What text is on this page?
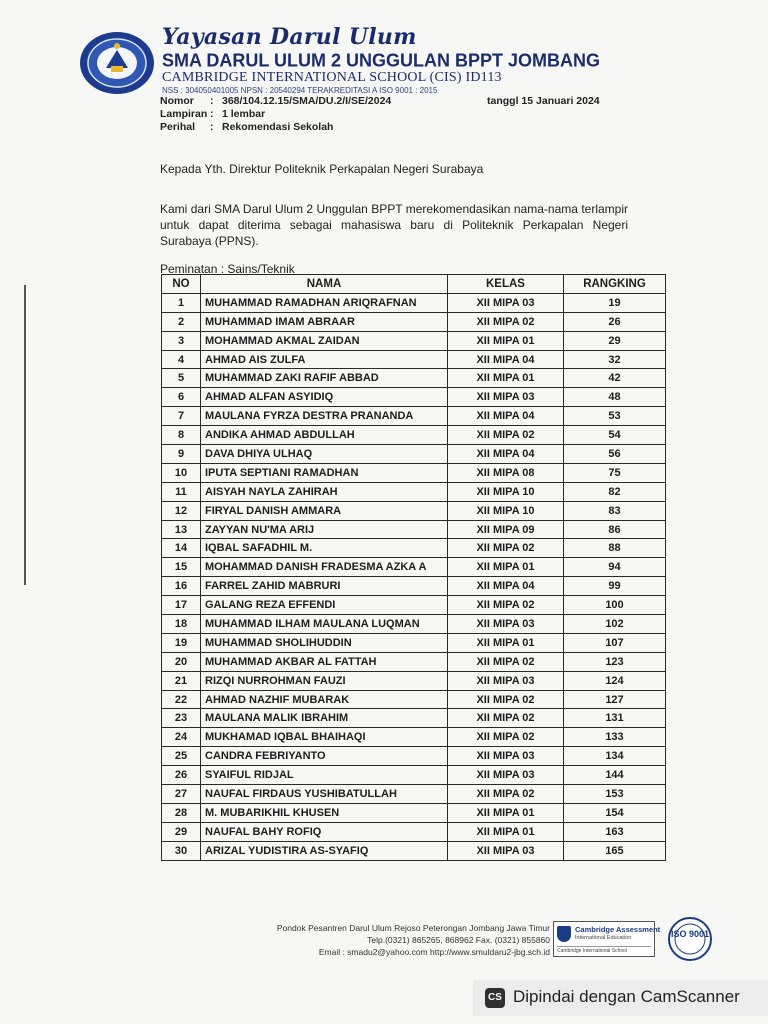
Yayasan Darul Ulum
SMA DARUL ULUM 2 UNGGULAN BPPT JOMBANG
CAMBRIDGE INTERNATIONAL SCHOOL (CIS) ID113
NSS : 304050401005 NPSN : 20540294 TERAKREDITASI A ISO 9001 : 2015
Nomor : 368/104.12.15/SMA/DU.2/I/SE/2024
Lampiran : 1 lembar
Perihal : Rekomendasi Sekolah
tanggl 15 Januari 2024
Kepada Yth. Direktur Politeknik Perkapalan Negeri Surabaya
Kami dari SMA Darul Ulum 2 Unggulan BPPT merekomendasikan nama-nama terlampir untuk dapat diterima sebagai mahasiswa baru di Politeknik Perkapalan Negeri Surabaya (PPNS).
Peminatan : Sains/Teknik
NO	NAMA	KELAS	RANGKING
1	MUHAMMAD RAMADHAN ARIQRAFNAN	XII MIPA 03	19
2	MUHAMMAD IMAM ABRAAR	XII MIPA 02	26
3	MOHAMMAD AKMAL ZAIDAN	XII MIPA 01	29
4	AHMAD AIS ZULFA	XII MIPA 04	32
5	MUHAMMAD ZAKI RAFIF ABBAD	XII MIPA 01	42
6	AHMAD ALFAN ASYIDIQ	XII MIPA 03	48
7	MAULANA FYRZA DESTRA PRANANDA	XII MIPA 04	53
8	ANDIKA AHMAD ABDULLAH	XII MIPA 02	54
9	DAVA DHIYA ULHAQ	XII MIPA 04	56
10	IPUTA SEPTIANI RAMADHAN	XII MIPA 08	75
11	AISYAH NAYLA ZAHIRAH	XII MIPA 10	82
12	FIRYAL DANISH AMMARA	XII MIPA 10	83
13	ZAYYAN NU'MA ARIJ	XII MIPA 09	86
14	IQBAL SAFADHIL M.	XII MIPA 02	88
15	MOHAMMAD DANISH FRADESMA AZKA A	XII MIPA 01	94
16	FARREL ZAHID MABRURI	XII MIPA 04	99
17	GALANG REZA EFFENDI	XII MIPA 02	100
18	MUHAMMAD ILHAM MAULANA LUQMAN	XII MIPA 03	102
19	MUHAMMAD SHOLIHUDDIN	XII MIPA 01	107
20	MUHAMMAD AKBAR AL FATTAH	XII MIPA 02	123
21	RIZQI NURROHMAN FAUZI	XII MIPA 03	124
22	AHMAD NAZHIF MUBARAK	XII MIPA 02	127
23	MAULANA MALIK IBRAHIM	XII MIPA 02	131
24	MUKHAMAD IQBAL BHAIHAQI	XII MIPA 02	133
25	CANDRA FEBRIYANTO	XII MIPA 03	134
26	SYAIFUL RIDJAL	XII MIPA 03	144
27	NAUFAL FIRDAUS YUSHIBATULLAH	XII MIPA 02	153
28	M. MUBARIKHIL KHUSEN	XII MIPA 01	154
29	NAUFAL BAHY ROFIQ	XII MIPA 01	163
30	ARIZAL YUDISTIRA AS-SYAFIQ	XII MIPA 03	165
Pondok Pesantren Darul Ulum Rejoso Peterongan Jombang Jawa Timur
Telp.(0321) 865265, 868962 Fax. (0321) 855860
Email : smadu2@yahoo.com http://www.smuldaru2-jbg.sch.id
Cambridge Assessment
International Education
Cambridge International School
ISO 9001
CS Dipindai dengan CamScanner
